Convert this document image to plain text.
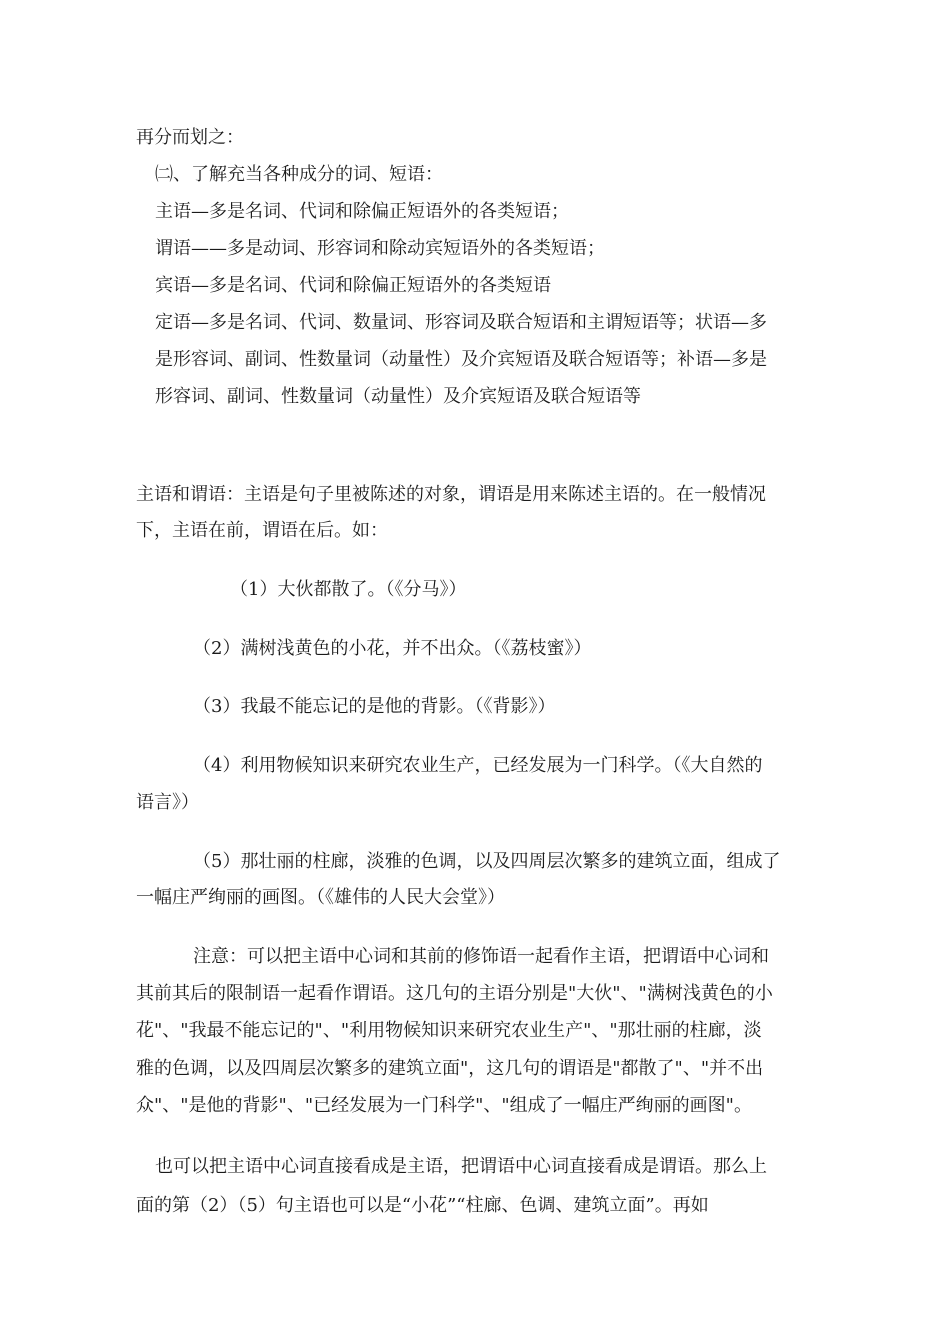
再分而划之：
㈡、了解充当各种成分的词、短语：
主语—多是名词、代词和除偏正短语外的各类短语；
谓语——多是动词、形容词和除动宾短语外的各类短语；
宾语—多是名词、代词和除偏正短语外的各类短语
定语—多是名词、代词、数量词、形容词及联合短语和主谓短语等；状语—多
是形容词、副词、性数量词（动量性）及介宾短语及联合短语等；补语—多是
形容词、副词、性数量词（动量性）及介宾短语及联合短语等
主语和谓语：主语是句子里被陈述的对象，谓语是用来陈述主语的。在一般情况
下，主语在前，谓语在后。如：
（1）大伙都散了。（《分马》）
（2）满树浅黄色的小花，并不出众。（《荔枝蜜》）
（3）我最不能忘记的是他的背影。（《背影》）
（4）利用物候知识来研究农业生产，已经发展为一门科学。（《大自然的
语言》）
（5）那壮丽的柱廊，淡雅的色调，以及四周层次繁多的建筑立面，组成了
一幅庄严绚丽的画图。（《雄伟的人民大会堂》）
注意：可以把主语中心词和其前的修饰语一起看作主语，把谓语中心词和
其前其后的限制语一起看作谓语。这几句的主语分别是"大伙"、"满树浅黄色的小
花"、"我最不能忘记的"、"利用物候知识来研究农业生产"、"那壮丽的柱廊，淡
雅的色调，以及四周层次繁多的建筑立面"，这几句的谓语是"都散了"、"并不出
众"、"是他的背影"、"已经发展为一门科学"、"组成了一幅庄严绚丽的画图"。
也可以把主语中心词直接看成是主语，把谓语中心词直接看成是谓语。那么上
面的第（2）（5）句主语也可以是“小花”“柱廊、色调、建筑立面”。再如
